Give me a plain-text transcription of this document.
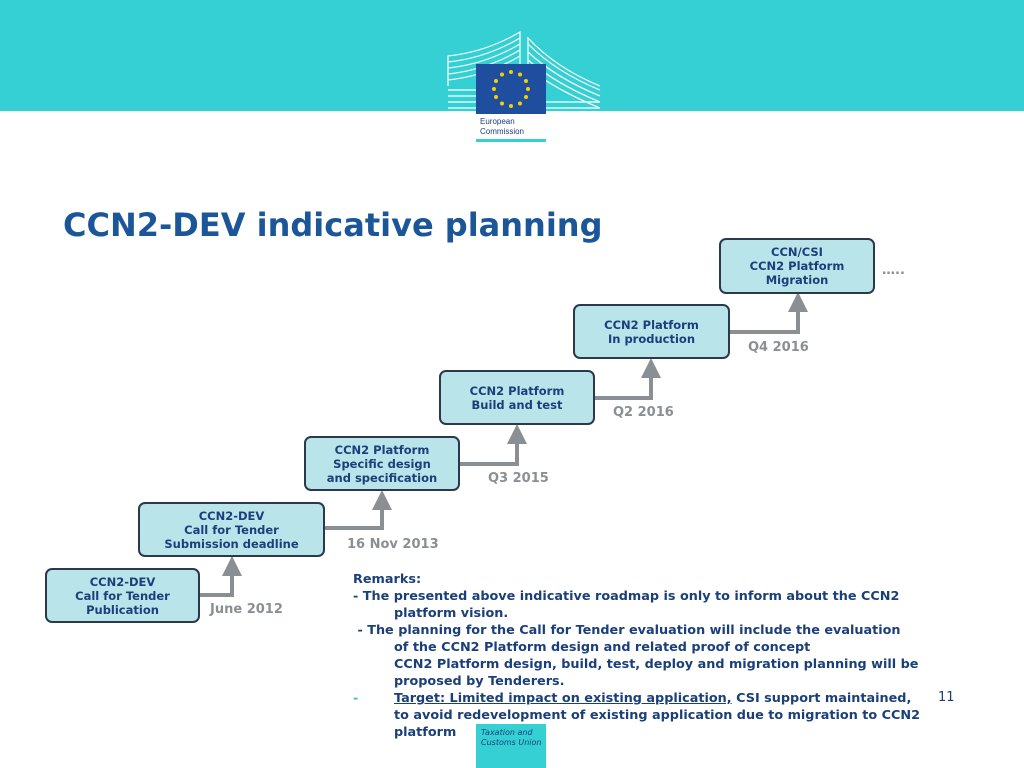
European
Commission
CCN2-DEV indicative planning
CCN2-DEV
Call for Tender
Publication
CCN2-DEV
Call for Tender
Submission deadline
CCN2 Platform
Specific design
and specification
CCN2 Platform
Build and test
CCN2 Platform
In production
CCN/CSI
CCN2 Platform
Migration
June 2012
16 Nov 2013
Q3 2015
Q2 2016
Q4 2016
…..
Remarks:
- The presented above indicative roadmap is only to inform about the CCN2
platform vision.
- The planning for the Call for Tender evaluation will include the evaluation
of the CCN2 Platform design and related proof of concept
CCN2 Platform design, build, test, deploy and migration planning will be
proposed by Tenderers.
-	Target: Limited impact on existing application, CSI support maintained,
to avoid redevelopment of existing application due to migration to CCN2
platform
11
Taxation and
Customs Union
